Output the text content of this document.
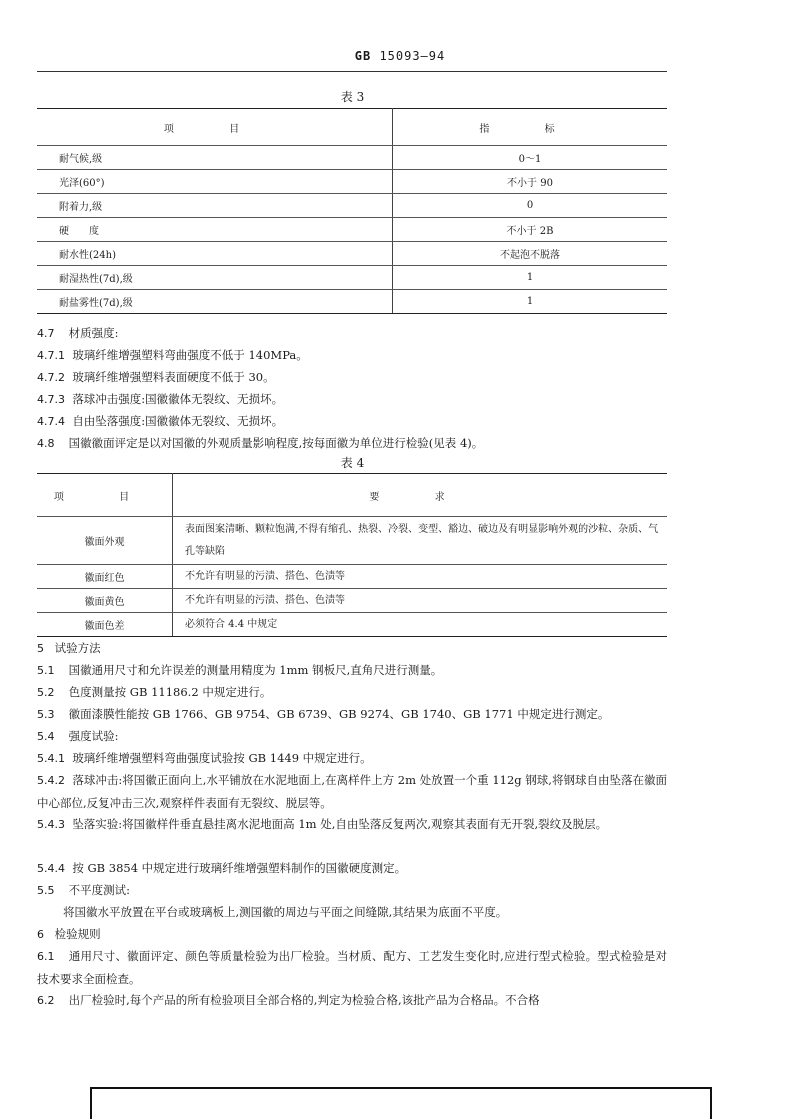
GB 15093—94
表 3
项 目	指 标
耐气候,级	0～1
光泽(60°)	不小于 90
附着力,级	0
硬　　度	不小于 2B
耐水性(24h)	不起泡不脱落
耐湿热性(7d),级	1
耐盐雾性(7d),级	1
4.7 材质强度:
4.7.1 玻璃纤维增强塑料弯曲强度不低于 140MPa。
4.7.2 玻璃纤维增强塑料表面硬度不低于 30。
4.7.3 落球冲击强度:国徽徽体无裂纹、无损坏。
4.7.4 自由坠落强度:国徽徽体无裂纹、无损坏。
4.8 国徽徽面评定是以对国徽的外观质量影响程度,按每面徽为单位进行检验(见表 4)。
表 4
项 目	要 求
徽面外观	表面图案清晰、颗粒饱满,不得有缩孔、热裂、冷裂、变型、豁边、破边及有明显影响外观的沙粒、杂质、气孔等缺陷
徽面红色	不允许有明显的污渍、搭色、色渍等
徽面黄色	不允许有明显的污渍、搭色、色渍等
徽面色差	必须符合 4.4 中规定
5 试验方法
5.1 国徽通用尺寸和允许误差的测量用精度为 1mm 钢板尺,直角尺进行测量。
5.2 色度测量按 GB 11186.2 中规定进行。
5.3 徽面漆膜性能按 GB 1766、GB 9754、GB 6739、GB 9274、GB 1740、GB 1771 中规定进行测定。
5.4 强度试验:
5.4.1 玻璃纤维增强塑料弯曲强度试验按 GB 1449 中规定进行。
5.4.2 落球冲击:将国徽正面向上,水平铺放在水泥地面上,在离样件上方 2m 处放置一个重 112g 钢球,将钢球自由坠落在徽面中心部位,反复冲击三次,观察样件表面有无裂纹、脱层等。
5.4.3 坠落实验:将国徽样件垂直悬挂离水泥地面高 1m 处,自由坠落反复两次,观察其表面有无开裂,裂纹及脱层。
5.4.4 按 GB 3854 中规定进行玻璃纤维增强塑料制作的国徽硬度测定。
5.5 不平度测试:
将国徽水平放置在平台或玻璃板上,测国徽的周边与平面之间缝隙,其结果为底面不平度。
6 检验规则
6.1 通用尺寸、徽面评定、颜色等质量检验为出厂检验。当材质、配方、工艺发生变化时,应进行型式检验。型式检验是对技术要求全面检查。
6.2 出厂检验时,每个产品的所有检验项目全部合格的,判定为检验合格,该批产品为合格品。不合格
